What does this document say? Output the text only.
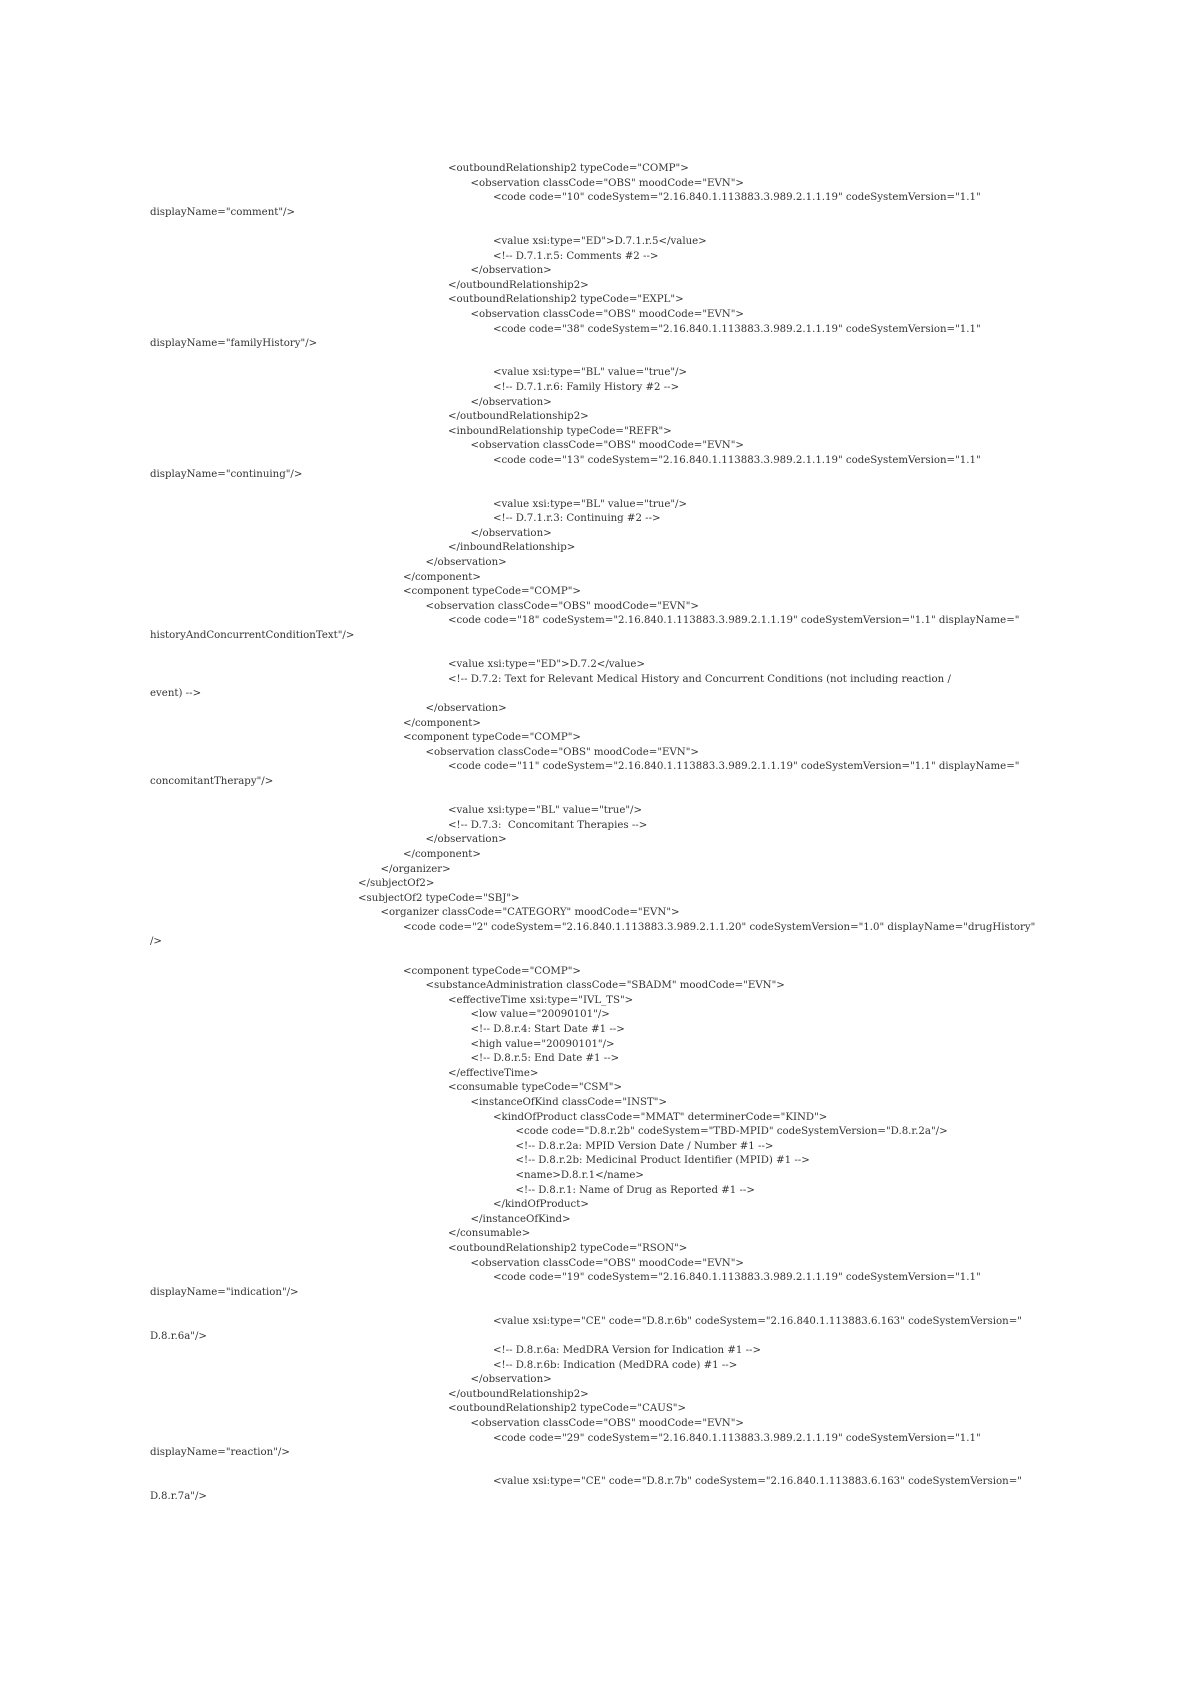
<outboundRelationship2 typeCode="COMP">
<observation classCode="OBS" moodCode="EVN">
<code code="10" codeSystem="2.16.840.1.113883.3.989.2.1.1.19" codeSystemVersion="1.1"
displayName="comment"/>
<value xsi:type="ED">D.7.1.r.5</value>
<!-- D.7.1.r.5: Comments #2 -->
</observation>
</outboundRelationship2>
<outboundRelationship2 typeCode="EXPL">
<observation classCode="OBS" moodCode="EVN">
<code code="38" codeSystem="2.16.840.1.113883.3.989.2.1.1.19" codeSystemVersion="1.1"
displayName="familyHistory"/>
<value xsi:type="BL" value="true"/>
<!-- D.7.1.r.6: Family History #2 -->
</observation>
</outboundRelationship2>
<inboundRelationship typeCode="REFR">
<observation classCode="OBS" moodCode="EVN">
<code code="13" codeSystem="2.16.840.1.113883.3.989.2.1.1.19" codeSystemVersion="1.1"
displayName="continuing"/>
<value xsi:type="BL" value="true"/>
<!-- D.7.1.r.3: Continuing #2 -->
</observation>
</inboundRelationship>
</observation>
</component>
<component typeCode="COMP">
<observation classCode="OBS" moodCode="EVN">
<code code="18" codeSystem="2.16.840.1.113883.3.989.2.1.1.19" codeSystemVersion="1.1" displayName="
historyAndConcurrentConditionText"/>
<value xsi:type="ED">D.7.2</value>
<!-- D.7.2: Text for Relevant Medical History and Concurrent Conditions (not including reaction /
event) -->
</observation>
</component>
<component typeCode="COMP">
<observation classCode="OBS" moodCode="EVN">
<code code="11" codeSystem="2.16.840.1.113883.3.989.2.1.1.19" codeSystemVersion="1.1" displayName="
concomitantTherapy"/>
<value xsi:type="BL" value="true"/>
<!-- D.7.3:  Concomitant Therapies -->
</observation>
</component>
</organizer>
</subjectOf2>
<subjectOf2 typeCode="SBJ">
<organizer classCode="CATEGORY" moodCode="EVN">
<code code="2" codeSystem="2.16.840.1.113883.3.989.2.1.1.20" codeSystemVersion="1.0" displayName="drugHistory"
/>
<component typeCode="COMP">
<substanceAdministration classCode="SBADM" moodCode="EVN">
<effectiveTime xsi:type="IVL_TS">
<low value="20090101"/>
<!-- D.8.r.4: Start Date #1 -->
<high value="20090101"/>
<!-- D.8.r.5: End Date #1 -->
</effectiveTime>
<consumable typeCode="CSM">
<instanceOfKind classCode="INST">
<kindOfProduct classCode="MMAT" determinerCode="KIND">
<code code="D.8.r.2b" codeSystem="TBD-MPID" codeSystemVersion="D.8.r.2a"/>
<!-- D.8.r.2a: MPID Version Date / Number #1 -->
<!-- D.8.r.2b: Medicinal Product Identifier (MPID) #1 -->
<name>D.8.r.1</name>
<!-- D.8.r.1: Name of Drug as Reported #1 -->
</kindOfProduct>
</instanceOfKind>
</consumable>
<outboundRelationship2 typeCode="RSON">
<observation classCode="OBS" moodCode="EVN">
<code code="19" codeSystem="2.16.840.1.113883.3.989.2.1.1.19" codeSystemVersion="1.1"
displayName="indication"/>
<value xsi:type="CE" code="D.8.r.6b" codeSystem="2.16.840.1.113883.6.163" codeSystemVersion="
D.8.r.6a"/>
<!-- D.8.r.6a: MedDRA Version for Indication #1 -->
<!-- D.8.r.6b: Indication (MedDRA code) #1 -->
</observation>
</outboundRelationship2>
<outboundRelationship2 typeCode="CAUS">
<observation classCode="OBS" moodCode="EVN">
<code code="29" codeSystem="2.16.840.1.113883.3.989.2.1.1.19" codeSystemVersion="1.1"
displayName="reaction"/>
<value xsi:type="CE" code="D.8.r.7b" codeSystem="2.16.840.1.113883.6.163" codeSystemVersion="
D.8.r.7a"/>
